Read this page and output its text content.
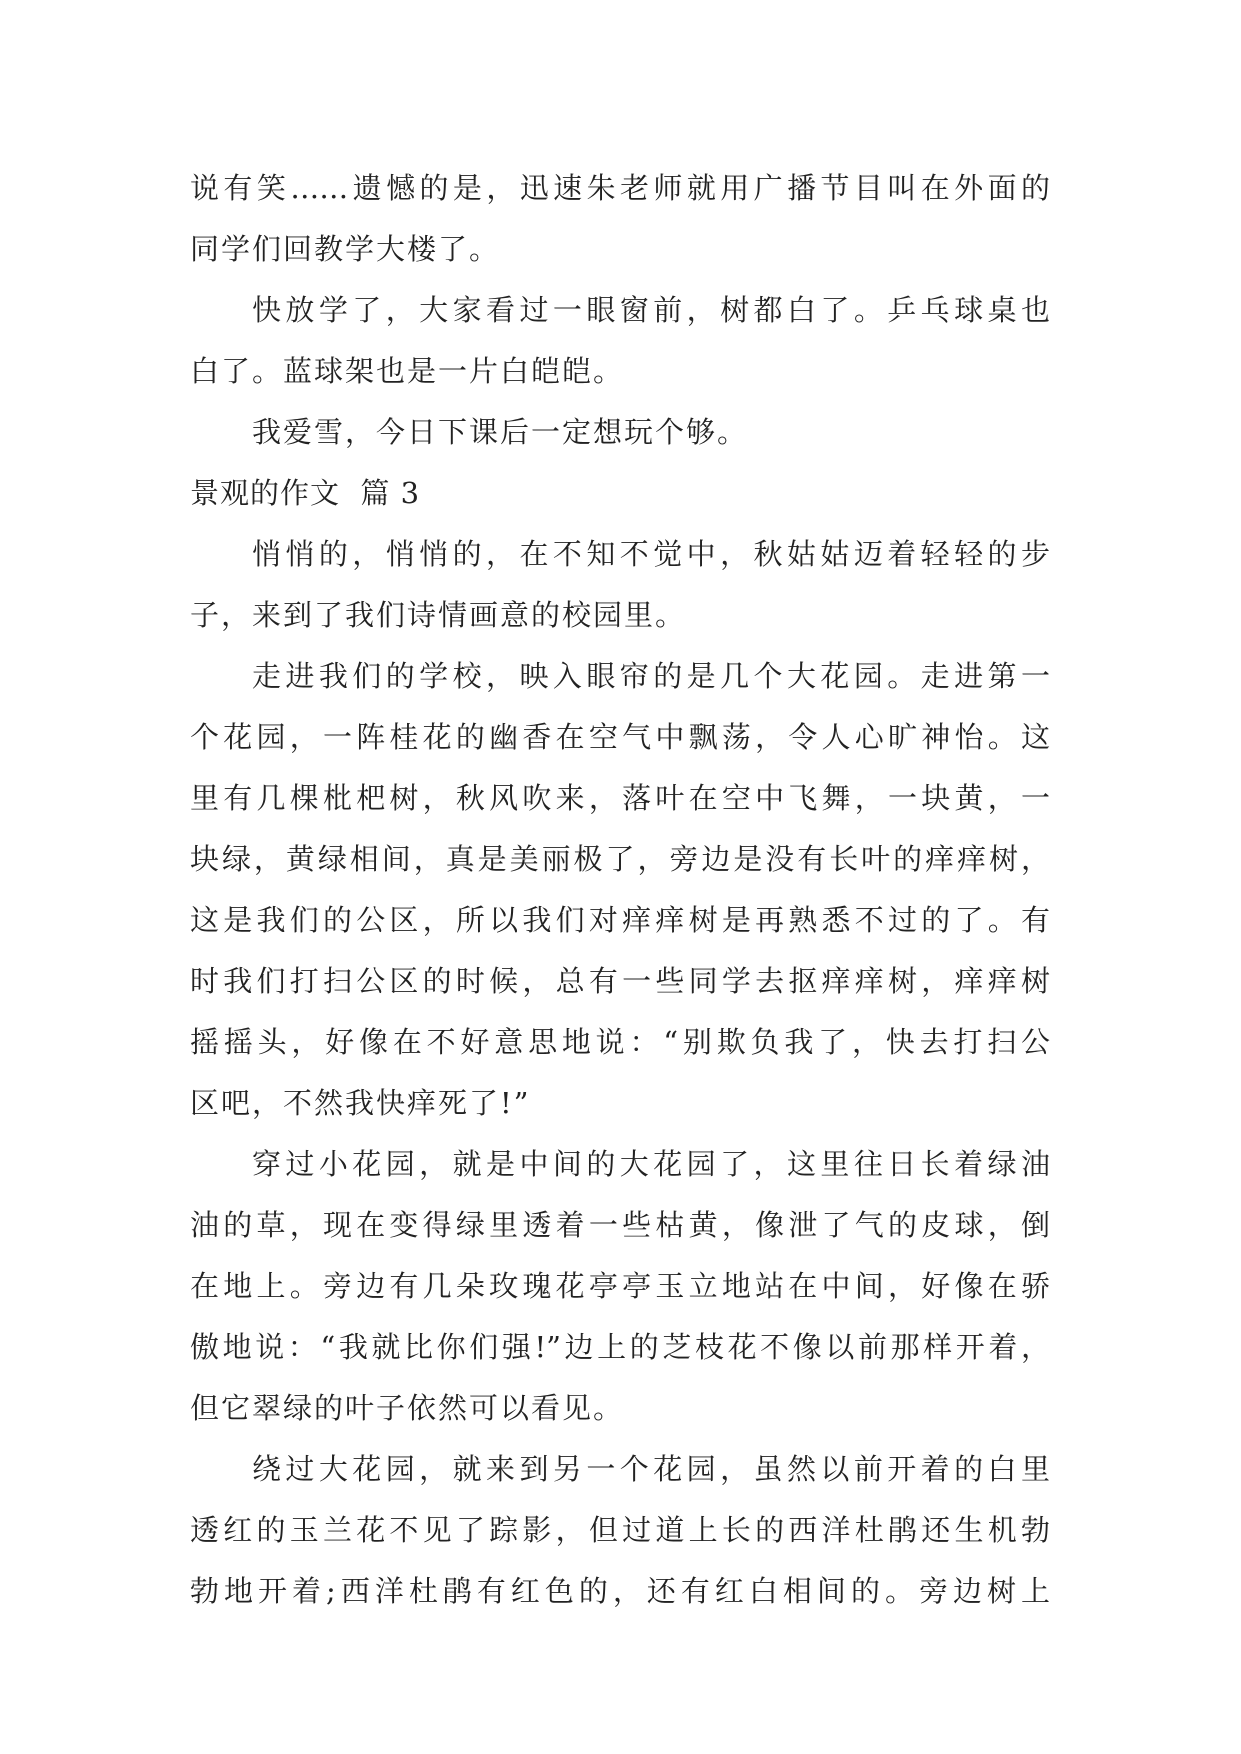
说有笑……遗憾的是，迅速朱老师就用广播节目叫在外面的
同学们回教学大楼了。
快放学了，大家看过一眼窗前，树都白了。乒乓球桌也
白了。蓝球架也是一片白皑皑。
我爱雪，今日下课后一定想玩个够。
景观的作文  篇 3
悄悄的，悄悄的，在不知不觉中，秋姑姑迈着轻轻的步
子，来到了我们诗情画意的校园里。
走进我们的学校，映入眼帘的是几个大花园。走进第一
个花园，一阵桂花的幽香在空气中飘荡，令人心旷神怡。这
里有几棵枇杷树，秋风吹来，落叶在空中飞舞，一块黄，一
块绿，黄绿相间，真是美丽极了，旁边是没有长叶的痒痒树，
这是我们的公区，所以我们对痒痒树是再熟悉不过的了。有
时我们打扫公区的时候，总有一些同学去抠痒痒树，痒痒树
摇摇头，好像在不好意思地说：“别欺负我了，快去打扫公
区吧，不然我快痒死了!”
穿过小花园，就是中间的大花园了，这里往日长着绿油
油的草，现在变得绿里透着一些枯黄，像泄了气的皮球，倒
在地上。旁边有几朵玫瑰花亭亭玉立地站在中间，好像在骄
傲地说：“我就比你们强!”边上的芝枝花不像以前那样开着，
但它翠绿的叶子依然可以看见。
绕过大花园，就来到另一个花园，虽然以前开着的白里
透红的玉兰花不见了踪影，但过道上长的西洋杜鹃还生机勃
勃地开着;西洋杜鹃有红色的，还有红白相间的。旁边树上
